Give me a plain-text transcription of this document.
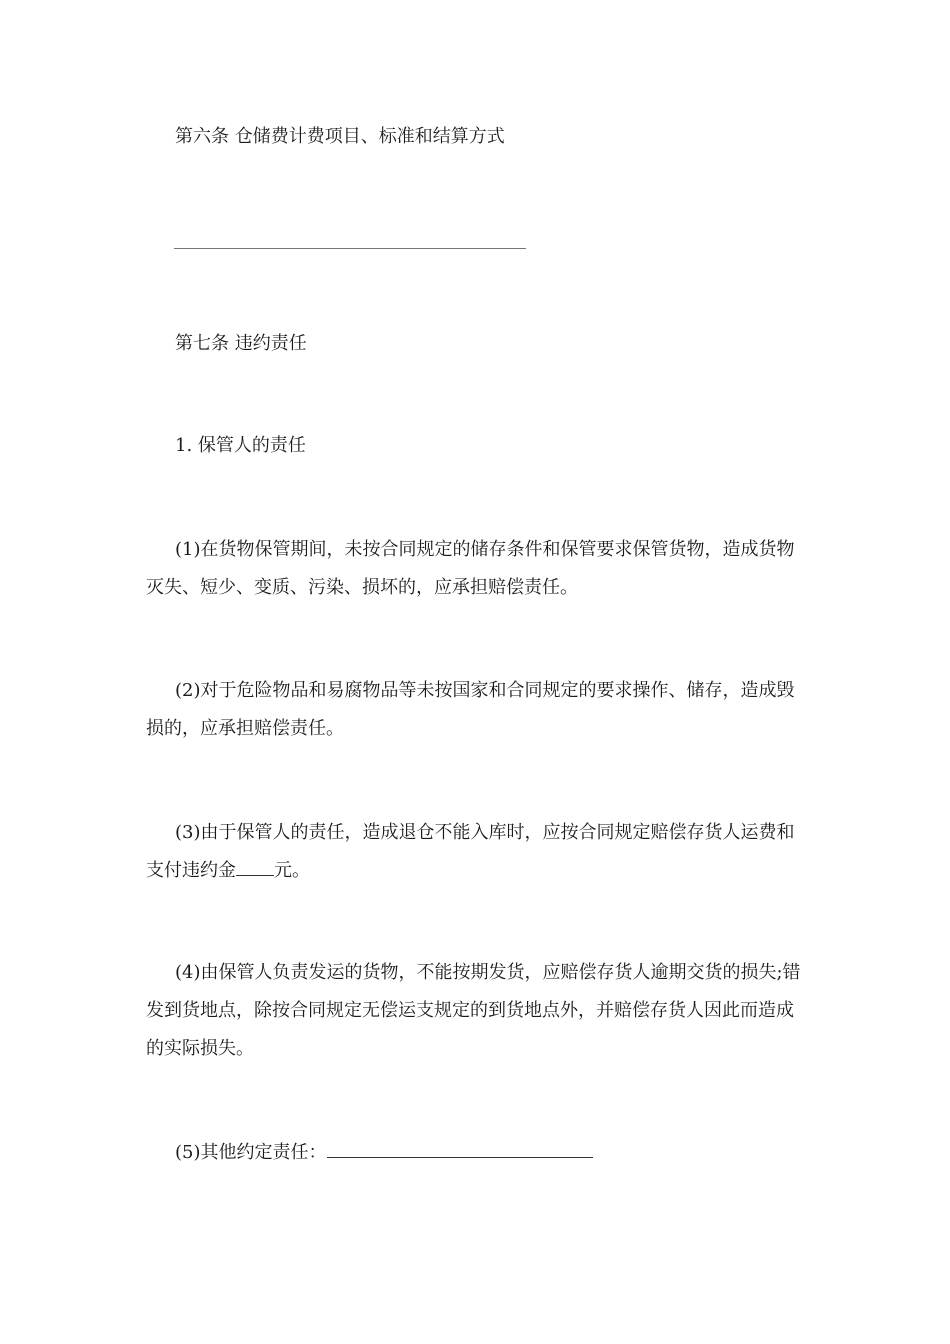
第六条 仓储费计费项目、标准和结算方式
第七条 违约责任
1. 保管人的责任
(1)在货物保管期间，未按合同规定的储存条件和保管要求保管货物，造成货物灭失、短少、变质、污染、损坏的，应承担赔偿责任。
(2)对于危险物品和易腐物品等未按国家和合同规定的要求操作、储存，造成毁损的，应承担赔偿责任。
(3)由于保管人的责任，造成退仓不能入库时，应按合同规定赔偿存货人运费和支付违约金 元。
(4)由保管人负责发运的货物，不能按期发货，应赔偿存货人逾期交货的损失;错发到货地点，除按合同规定无偿运支规定的到货地点外，并赔偿存货人因此而造成的实际损失。
(5)其他约定责任：
